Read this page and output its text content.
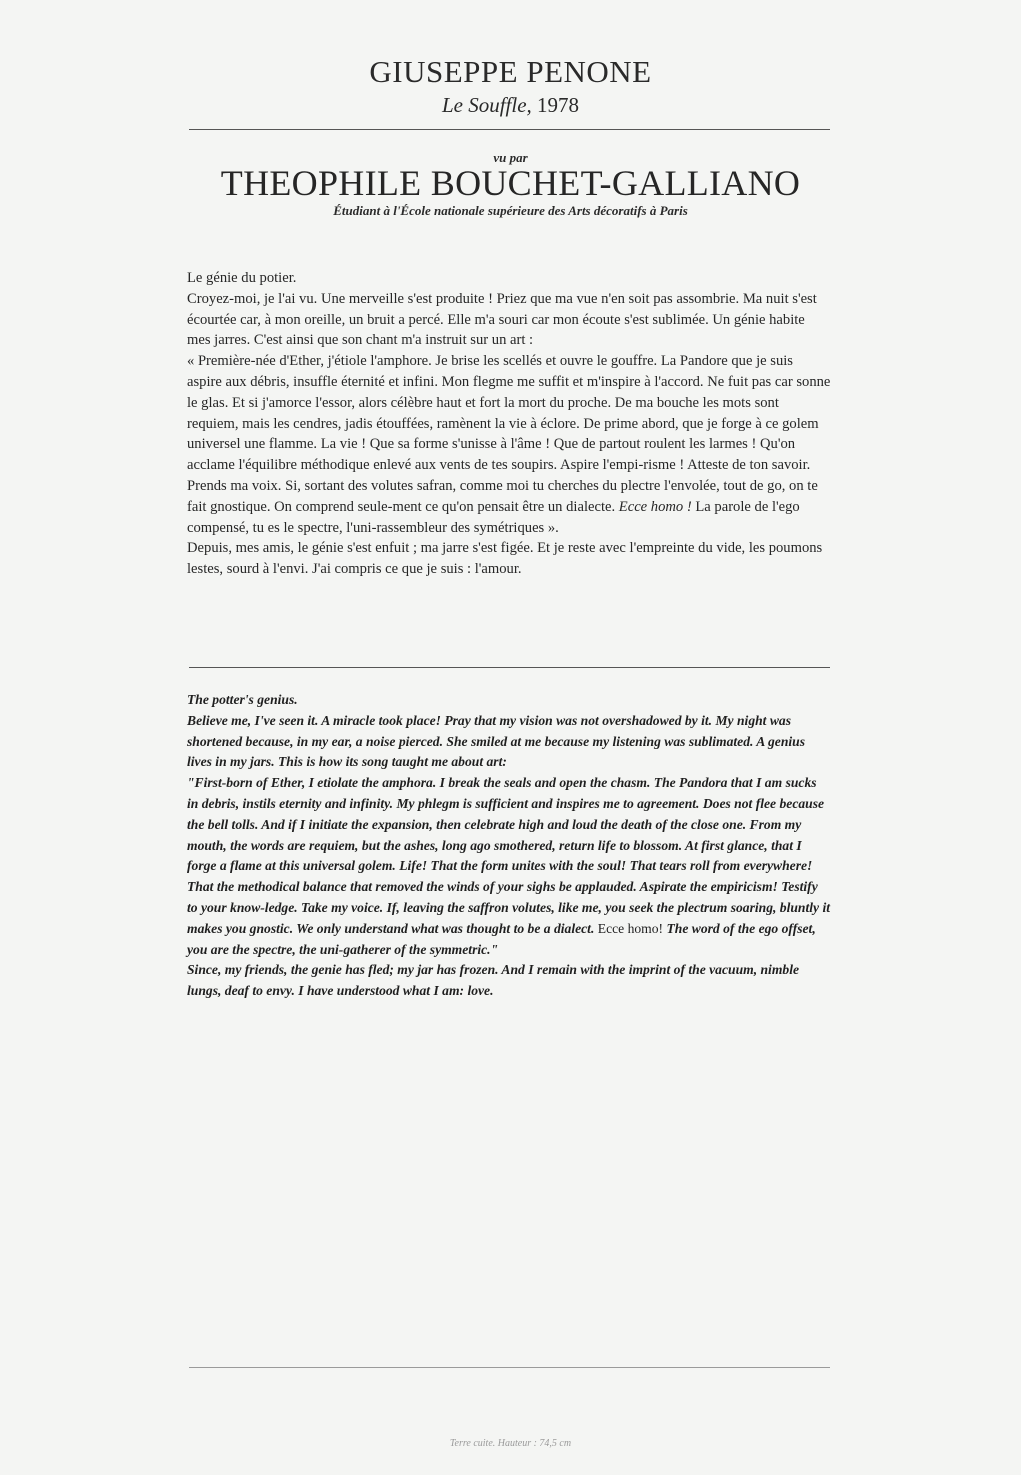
GIUSEPPE PENONE
Le Souffle, 1978
vu par
THEOPHILE BOUCHET-GALLIANO
Étudiant à l'École nationale supérieure des Arts décoratifs à Paris

Le génie du potier.

Croyez-moi, je l'ai vu. Une merveille s'est produite ! Priez que ma vue n'en soit pas assombrie. Ma nuit s'est écourtée car, à mon oreille, un bruit a percé. Elle m'a souri car mon écoute s'est sublimée. Un génie habite mes jarres. C'est ainsi que son chant m'a instruit sur un art :

« Première-née d'Ether, j'étiole l'amphore. Je brise les scellés et ouvre le gouffre. La Pandore que je suis aspire aux débris, insuffle éternité et infini. Mon flegme me suffit et m'inspire à l'accord. Ne fuit pas car sonne le glas. Et si j'amorce l'essor, alors célèbre haut et fort la mort du proche. De ma bouche les mots sont requiem, mais les cendres, jadis étouffées, ramènent la vie à éclore. De prime abord, que je forge à ce golem universel une flamme. La vie ! Que sa forme s'unisse à l'âme ! Que de partout roulent les larmes ! Qu'on acclame l'équilibre méthodique enlevé aux vents de tes soupirs. Aspire l'empi-risme ! Atteste de ton savoir. Prends ma voix. Si, sortant des volutes safran, comme moi tu cherches du plectre l'envolée, tout de go, on te fait gnostique. On comprend seule-ment ce qu'on pensait être un dialecte. Ecce homo ! La parole de l'ego compensé, tu es le spectre, l'uni-rassembleur des symétriques ».

Depuis, mes amis, le génie s'est enfuit ; ma jarre s'est figée. Et je reste avec l'empreinte du vide, les poumons lestes, sourd à l'envi. J'ai compris ce que je suis : l'amour.

The potter's genius.

Believe me, I've seen it. A miracle took place! Pray that my vision was not overshadowed by it. My night was shortened because, in my ear, a noise pierced. She smiled at me because my listening was sublimated. A genius lives in my jars. This is how its song taught me about art:

"First-born of Ether, I etiolate the amphora. I break the seals and open the chasm. The Pandora that I am sucks in debris, instils eternity and infinity. My phlegm is sufficient and inspires me to agreement. Does not flee because the bell tolls. And if I initiate the expansion, then celebrate high and loud the death of the close one. From my mouth, the words are requiem, but the ashes, long ago smothered, return life to blossom. At first glance, that I forge a flame at this universal golem. Life! That the form unites with the soul! That tears roll from everywhere! That the methodical balance that removed the winds of your sighs be applauded. Aspirate the empiricism! Testify to your know-ledge. Take my voice. If, leaving the saffron volutes, like me, you seek the plectrum soaring, bluntly it makes you gnostic. We only understand what was thought to be a dialect. Ecce homo! The word of the ego offset, you are the spectre, the uni-gatherer of the symmetric."

Since, my friends, the genie has fled; my jar has frozen. And I remain with the imprint of the vacuum, nimble lungs, deaf to envy. I have understood what I am: love.

Terre cuite. Hauteur : 74,5 cm
